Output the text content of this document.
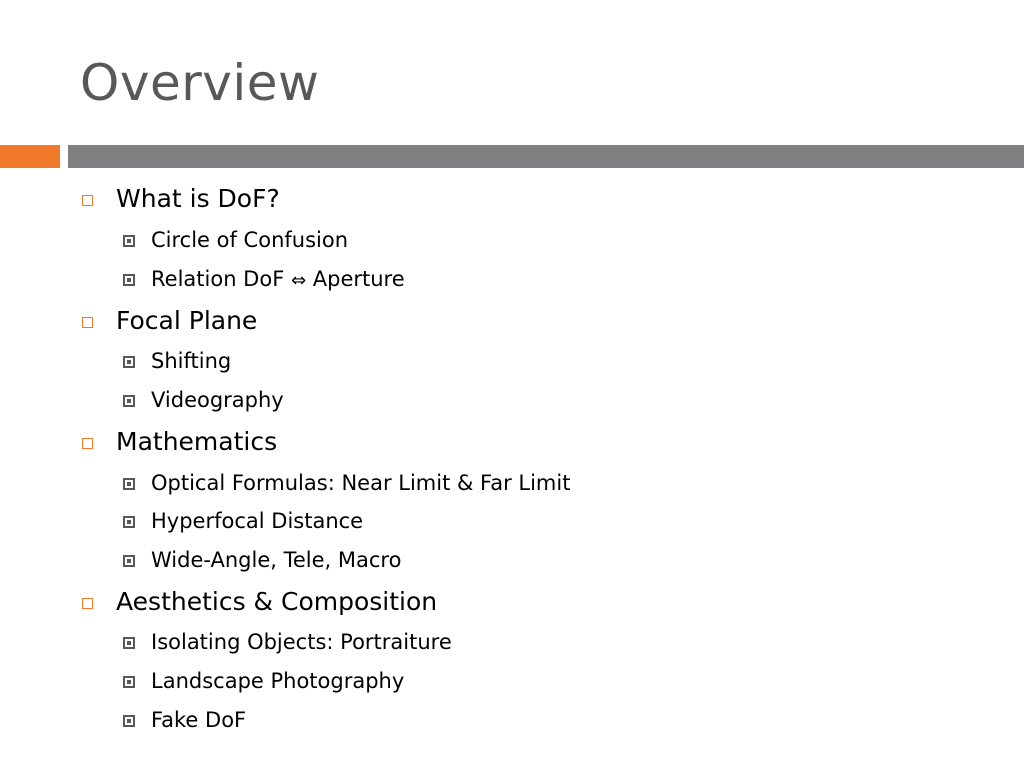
Overview
What is DoF?
Circle of Confusion
Relation DoF ⇔ Aperture
Focal Plane
Shifting
Videography
Mathematics
Optical Formulas: Near Limit & Far Limit
Hyperfocal Distance
Wide-Angle, Tele, Macro
Aesthetics & Composition
Isolating Objects: Portraiture
Landscape Photography
Fake DoF
